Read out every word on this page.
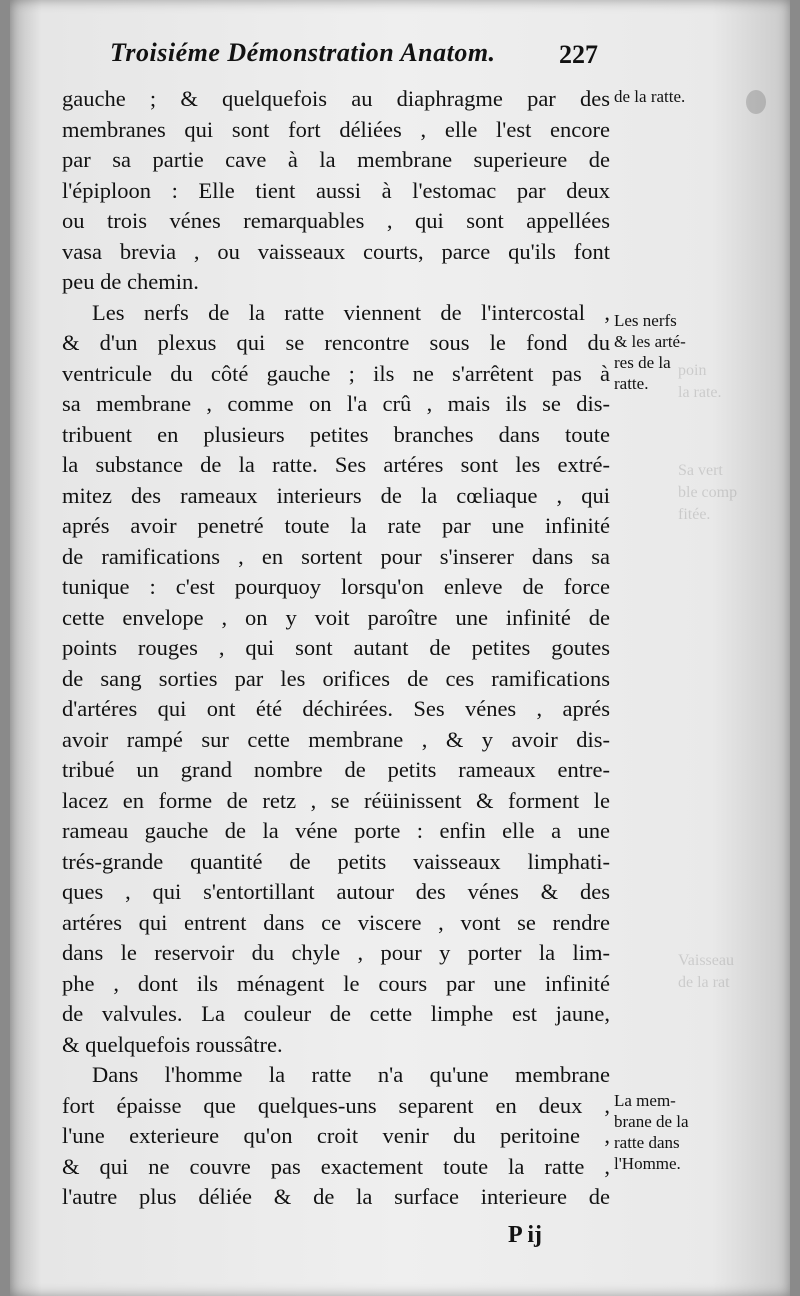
poin
la rate.
Sa vert
ble comp
fitée.
Vaisseau
de la rat
Troisiéme Démonstration Anatom. 227
gauche ; & quelquefois au diaphragme par des
membranes qui sont fort déliées , elle l'est encore
par sa partie cave à la membrane superieure de
l'épiploon : Elle tient aussi à l'estomac par deux
ou trois vénes remarquables , qui sont appellées
vasa brevia , ou vaisseaux courts, parce qu'ils font
peu de chemin.
Les nerfs de la ratte viennent de l'intercostal ,
& d'un plexus qui se rencontre sous le fond du
ventricule du côté gauche ; ils ne s'arrêtent pas à
sa membrane , comme on l'a crû , mais ils se dis-
tribuent en plusieurs petites branches dans toute
la substance de la ratte. Ses artéres sont les extré-
mitez des rameaux interieurs de la cœliaque , qui
aprés avoir penetré toute la rate par une infinité
de ramifications , en sortent pour s'inserer dans sa
tunique : c'est pourquoy lorsqu'on enleve de force
cette envelope , on y voit paroître une infinité de
points rouges , qui sont autant de petites goutes
de sang sorties par les orifices de ces ramifications
d'artéres qui ont été déchirées. Ses vénes , aprés
avoir rampé sur cette membrane , & y avoir dis-
tribué un grand nombre de petits rameaux entre-
lacez en forme de retz , se réüinissent & forment le
rameau gauche de la véne porte : enfin elle a une
trés-grande quantité de petits vaisseaux limphati-
ques , qui s'entortillant autour des vénes & des
artéres qui entrent dans ce viscere , vont se rendre
dans le reservoir du chyle , pour y porter la lim-
phe , dont ils ménagent le cours par une infinité
de valvules. La couleur de cette limphe est jaune,
& quelquefois roussâtre.
Dans l'homme la ratte n'a qu'une membrane
fort épaisse que quelques-uns separent en deux ,
l'une exterieure qu'on croit venir du peritoine ,
& qui ne couvre pas exactement toute la ratte ,
l'autre plus déliée & de la surface interieure de
de la ratte.
Les nerfs
& les arté-
res de la
ratte.
La mem-
brane de la
ratte dans
l'Homme.
P ij
